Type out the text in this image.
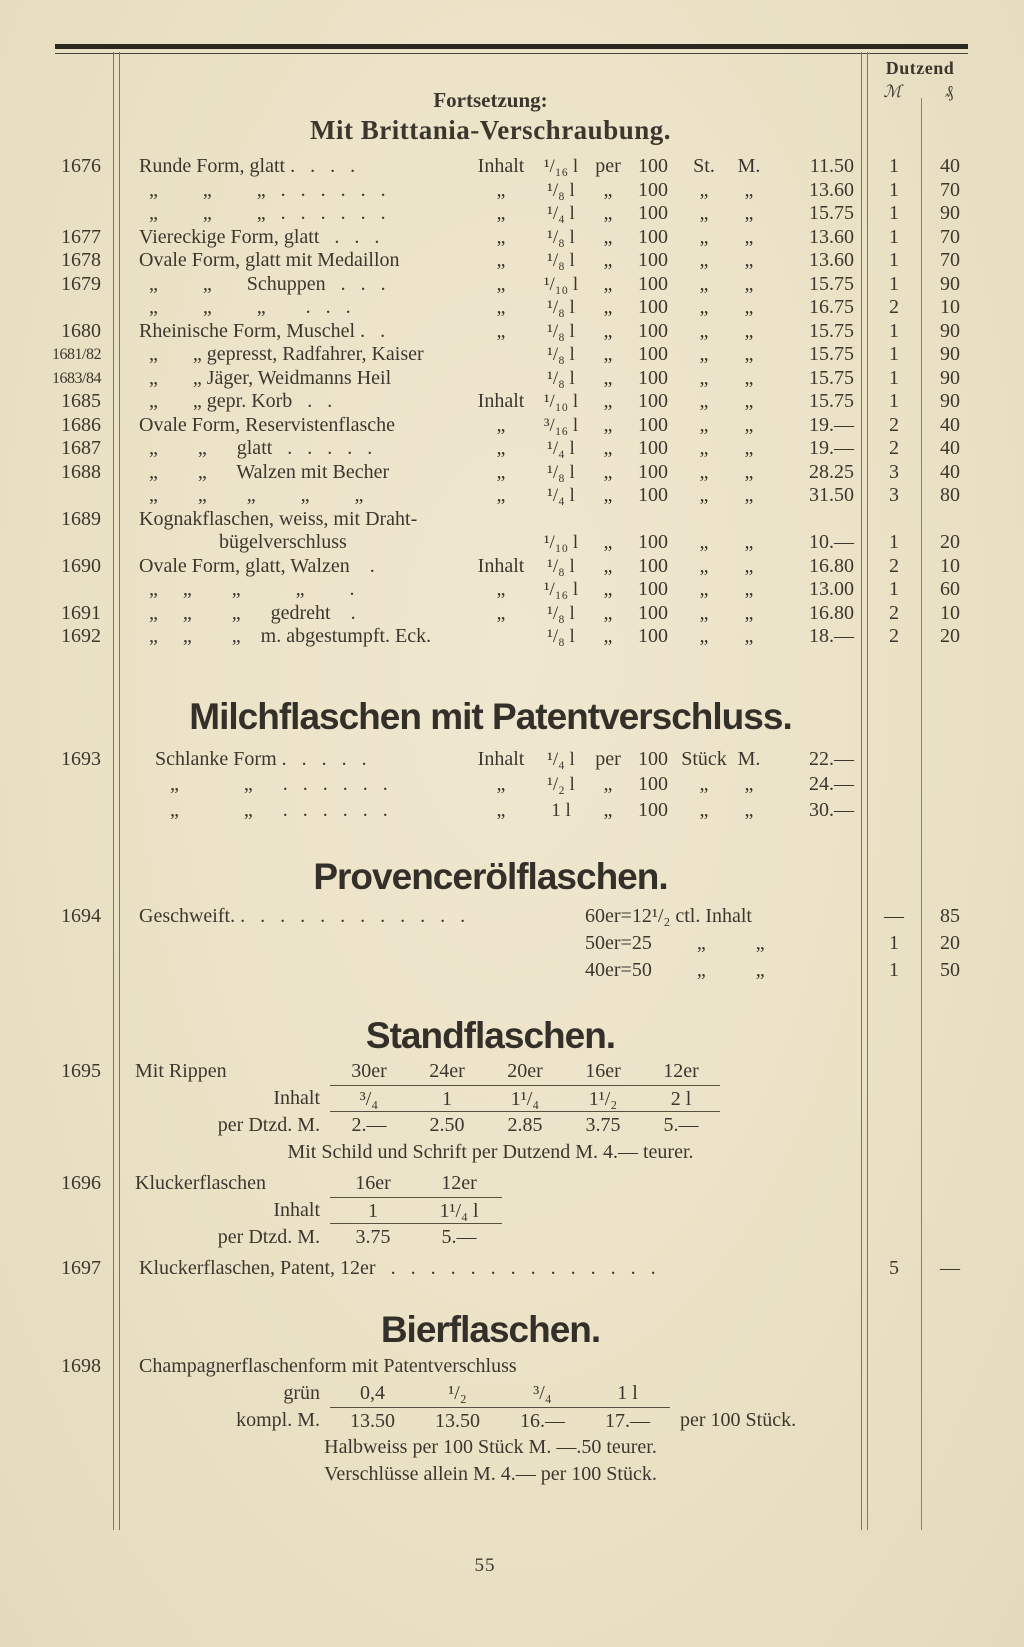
Dutzend
ℳ	₰
Fortsetzung:
Mit Brittania-Verschraubung.
1676	Runde Form, glatt .   .   .   .	Inhalt	¹/₁₆ l per 100	St.	M.	11.50	1	40
„         „         „   .   .   .   .   .   .	„	¹/₈ l	„	100	„	„	13.60	1	70
„         „         „   .   .   .   .   .   .	„	¹/₄ l	„	100	„	„	15.75	1	90
1677	Viereckige Form, glatt   .   .   .	„	¹/₈ l	„	100	„	„	13.60	1	70
1678	Ovale Form, glatt mit Medaillon	„	¹/₈ l	„	100	„	„	13.60	1	70
1679	„         „       Schuppen   .   .   .	„	¹/₁₀ l	„	100	„	„	15.75	1	90
„         „         „        .   .   .	„	¹/₈ l	„	100	„	„	16.75	2	10
1680	Rheinische Form, Muschel .   .	„	¹/₈ l	„	100	„	„	15.75	1	90
1681/82	„       „ gepresst, Radfahrer, Kaiser	¹/₈ l	„	100	„	„	15.75	1	90
1683/84	„       „ Jäger, Weidmanns Heil	¹/₈ l	„	100	„	„	15.75	1	90
1685	„       „ gepr. Korb   .   .	Inhalt	¹/₁₀ l	„	100	„	„	15.75	1	90
1686	Ovale Form, Reservistenflasche	„	³/₁₆ l	„	100	„	„	19.—	2	40
1687	„        „      glatt   .   .   .   .   .	„	¹/₄ l	„	100	„	„	19.—	2	40
1688	„        „      Walzen mit Becher	„	¹/₈ l	„	100	„	„	28.25	3	40
„        „        „         „         „	„	¹/₄ l	„	100	„	„	31.50	3	80
1689	Kognakflaschen, weiss, mit Draht-
bügelverschluss	¹/₁₀ l	„	100	„	„	10.—	1	20
1690	Ovale Form, glatt, Walzen    .	Inhalt	¹/₈ l	„	100	„	„	16.80	2	10
„     „        „           „         .	„	¹/₁₆ l	„	100	„	„	13.00	1	60
1691	„     „        „      gedreht    .	„	¹/₈ l	„	100	„	„	16.80	2	10
1692	„     „        „    m. abgestumpft. Eck.	¹/₈ l	„	100	„	„	18.—	2	20
Milchflaschen mit Patentverschluss.
1693	Schlanke Form .   .   .   .   .	Inhalt	¹/₄ l	per 100 Stück M.	22.—
„             „      .   .   .   .   .   .	„	¹/₂ l	„	100	„	„	24.—
„             „      .   .   .   .   .   .	„	1 l	„	100	„	„	30.—
Provencerölflaschen.
1694	Geschweift. .   .   .   .   .   .   .   .   .   .   .   .	60er=12¹/₂ ctl. Inhalt	—	85
50er=25         „          „	1	20
40er=50         „          „	1	50
Standflaschen.
1695	Mit Rippen	30er	24er	20er	16er	12er
Inhalt	³/₄	1	1¹/₄	1¹/₂	2 l
per Dtzd. M.	2.—	2.50	2.85	3.75	5.—
Mit Schild und Schrift per Dutzend M. 4.— teurer.
1696	Kluckerflaschen	16er	12er
Inhalt	1	1¹/₄ l
per Dtzd. M.	3.75	5.—
1697	Kluckerflaschen, Patent, 12er   .   .   .   .   .   .   .   .   .   .   .   .   .   .	5	—
Bierflaschen.
1698	Champagnerflaschenform mit Patentverschluss
grün	0,4	¹/₂	³/₄	1 l
kompl. M.	13.50	13.50	16.—	17.—	per 100 Stück.
Halbweiss per 100 Stück M. —.50 teurer.
Verschlüsse allein M. 4.— per 100 Stück.
55
